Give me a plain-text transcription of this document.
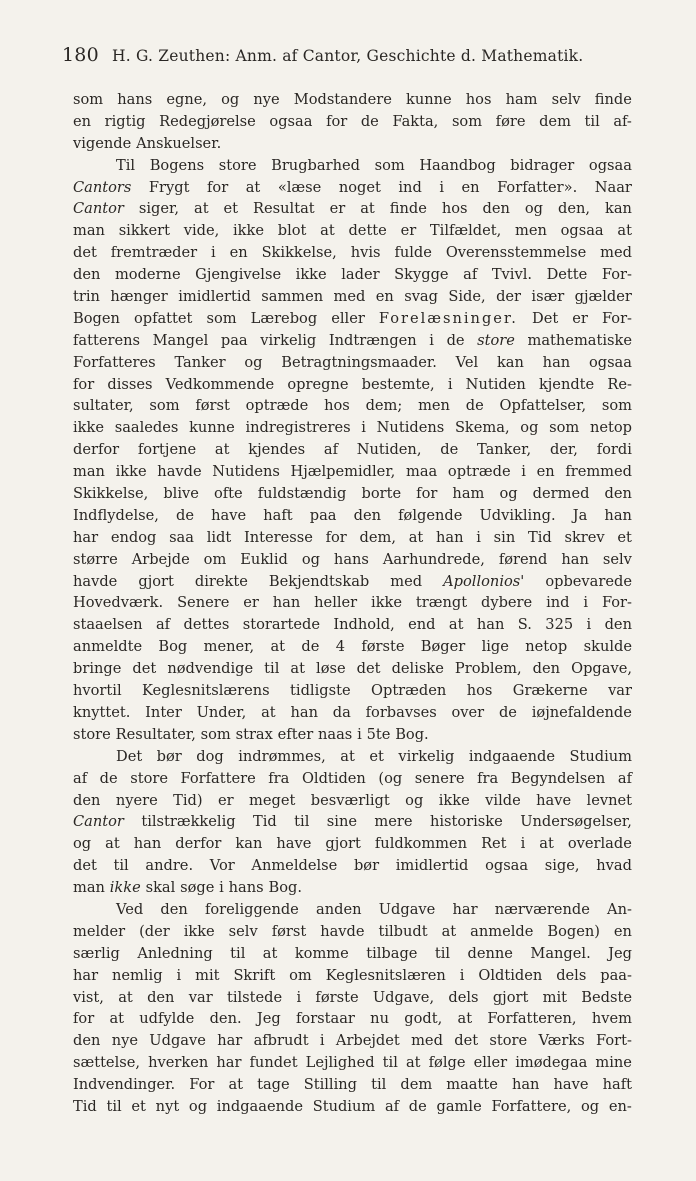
180 H. G. Zeuthen: Anm. af Cantor, Geschichte d. Mathematik.
som hans egne, og nye Modstandere kunne hos ham selv finde
en rigtig Redegjørelse ogsaa for de Fakta, som føre dem til af-
vigende Anskuelser.
Til Bogens store Brugbarhed som Haandbog bidrager ogsaa
Cantors Frygt for at «læse noget ind i en Forfatter». Naar
Cantor siger, at et Resultat er at finde hos den og den, kan
man sikkert vide, ikke blot at dette er Tilfældet, men ogsaa at
det fremtræder i en Skikkelse, hvis fulde Overensstemmelse med
den moderne Gjengivelse ikke lader Skygge af Tvivl. Dette For-
trin hænger imidlertid sammen med en svag Side, der især gjælder
Bogen opfattet som Lærebog eller Forelæsninger. Det er For-
fatterens Mangel paa virkelig Indtrængen i de store mathematiske
Forfatteres Tanker og Betragtningsmaader. Vel kan han ogsaa
for disses Vedkommende opregne bestemte, i Nutiden kjendte Re-
sultater, som først optræde hos dem; men de Opfattelser, som
ikke saaledes kunne indregistreres i Nutidens Skema, og som netop
derfor fortjene at kjendes af Nutiden, de Tanker, der, fordi
man ikke havde Nutidens Hjælpemidler, maa optræde i en fremmed
Skikkelse, blive ofte fuldstændig borte for ham og dermed den
Indflydelse, de have haft paa den følgende Udvikling. Ja han
har endog saa lidt Interesse for dem, at han i sin Tid skrev et
større Arbejde om Euklid og hans Aarhundrede, førend han selv
havde gjort direkte Bekjendtskab med Apollonios' opbevarede
Hovedværk. Senere er han heller ikke trængt dybere ind i For-
staaelsen af dettes storartede Indhold, end at han S. 325 i den
anmeldte Bog mener, at de 4 første Bøger lige netop skulde
bringe det nødvendige til at løse det deliske Problem, den Opgave,
hvortil Keglesnitslærens tidligste Optræden hos Grækerne var
knyttet. Inter Under, at han da forbavses over de iøjnefaldende
store Resultater, som strax efter naas i 5te Bog.
Det bør dog indrømmes, at et virkelig indgaaende Studium
af de store Forfattere fra Oldtiden (og senere fra Begyndelsen af
den nyere Tid) er meget besværligt og ikke vilde have levnet
Cantor tilstrækkelig Tid til sine mere historiske Undersøgelser,
og at han derfor kan have gjort fuldkommen Ret i at overlade
det til andre. Vor Anmeldelse bør imidlertid ogsaa sige, hvad
man ikke skal søge i hans Bog.
Ved den foreliggende anden Udgave har nærværende An-
melder (der ikke selv først havde tilbudt at anmelde Bogen) en
særlig Anledning til at komme tilbage til denne Mangel. Jeg
har nemlig i mit Skrift om Keglesnitslæren i Oldtiden dels paa-
vist, at den var tilstede i første Udgave, dels gjort mit Bedste
for at udfylde den. Jeg forstaar nu godt, at Forfatteren, hvem
den nye Udgave har afbrudt i Arbejdet med det store Værks Fort-
sættelse, hverken har fundet Lejlighed til at følge eller imødegaa mine
Indvendinger. For at tage Stilling til dem maatte han have haft
Tid til et nyt og indgaaende Studium af de gamle Forfattere, og en-
